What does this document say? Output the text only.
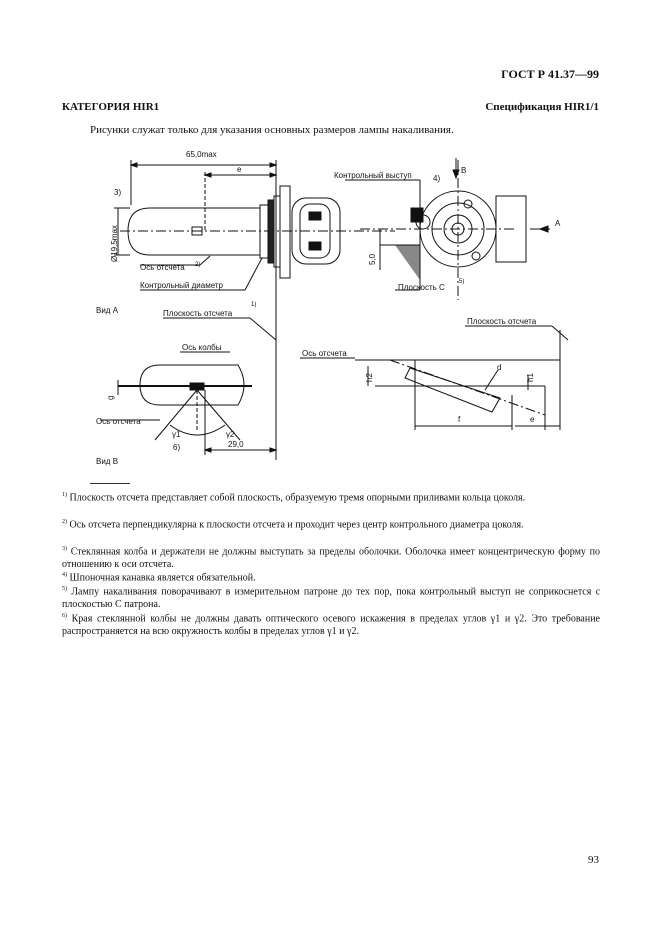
ГОСТ Р 41.37—99
КАТЕГОРИЯ HIR1	Спецификация HIR1/1
Рисунки служат только для указания основных размеров лампы накаливания.
65,0max
e
Ø19,5max
3)
Ось отсчета 2)
Контрольный диаметр
Плоскость отсчета
1)
Вид A
Контрольный выступ	4)
B
A
5,0
Плоскость C
5)
Ось колбы
Ось отсчета
g
γ1	γ2
6)	29,0
Вид B
Плоскость отсчета
Ось отсчета
h2	h1
d
f	e
$^{1)}$ Плоскость отсчета представляет собой плоскость, образуемую тремя опорными приливами кольца цоколя.
$^{2)}$ Ось отсчета перпендикулярна к плоскости отсчета и проходит через центр контрольного диаметра цоколя.
$^{3)}$ Стеклянная колба и держатели не должны выступать за пределы оболочки. Оболочка имеет концентрическую форму по отношению к оси отсчета.
$^{4)}$ Шпоночная канавка является обязательной.
$^{5)}$ Лампу накаливания поворачивают в измерительном патроне до тех пор, пока контрольный выступ не соприкоснется с плоскостью C патрона.
$^{6)}$ Края стеклянной колбы не должны давать оптического осевого искажения в пределах углов γ1 и γ2. Это требование распространяется на всю окружность колбы в пределах углов γ1 и γ2.
93
